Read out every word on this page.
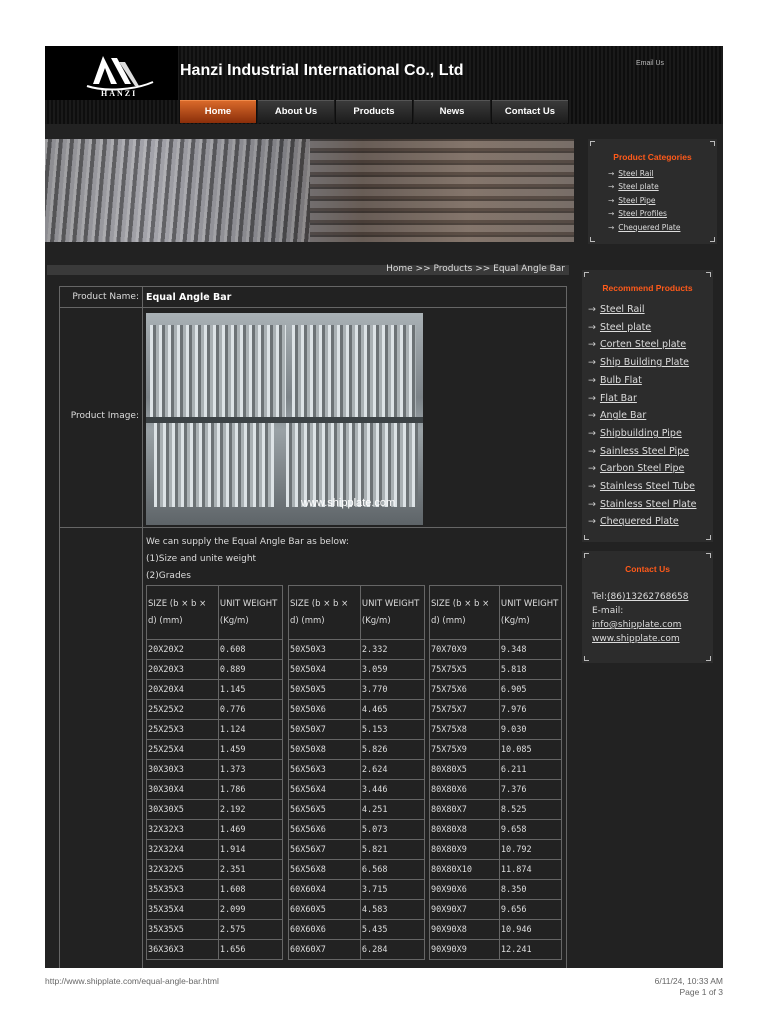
HANZI
Hanzi Industrial International Co., Ltd	Email Us
Home	About Us	Products	News	Contact Us
Product Categories
→ Steel Rail
→ Steel plate
→ Steel Pipe
→ Steel Profiles
→ Chequered Plate
Recommend Products
→ Steel Rail
→ Steel plate
→ Corten Steel plate
→ Ship Building Plate
→ Bulb Flat
→ Flat Bar
→ Angle Bar
→ Shipbuilding Pipe
→ Sainless Steel Pipe
→ Carbon Steel Pipe
→ Stainless Steel Tube
→ Stainless Steel Plate
→ Chequered Plate
Contact Us
Tel:(86)13262768658
E-mail:
info@shipplate.com
www.shipplate.com
Home >> Products >> Equal Angle Bar
Product Name: Equal Angle Bar
Product Image:
www.shipplate.com
We can supply the Equal Angle Bar as below:
(1)Size and unite weight
(2)Grades
SIZE (b × b × d) (mm)	UNIT WEIGHT (Kg/m)
20X20X2	0.608
20X20X3	0.889
20X20X4	1.145
25X25X2	0.776
25X25X3	1.124
25X25X4	1.459
30X30X3	1.373
30X30X4	1.786
30X30X5	2.192
32X32X3	1.469
32X32X4	1.914
32X32X5	2.351
35X35X3	1.608
35X35X4	2.099
35X35X5	2.575
36X36X3	1.656
SIZE (b × b × d) (mm)	UNIT WEIGHT (Kg/m)
50X50X3	2.332
50X50X4	3.059
50X50X5	3.770
50X50X6	4.465
50X50X7	5.153
50X50X8	5.826
56X56X3	2.624
56X56X4	3.446
56X56X5	4.251
56X56X6	5.073
56X56X7	5.821
56X56X8	6.568
60X60X4	3.715
60X60X5	4.583
60X60X6	5.435
60X60X7	6.284
SIZE (b × b × d) (mm)	UNIT WEIGHT (Kg/m)
70X70X9	9.348
75X75X5	5.818
75X75X6	6.905
75X75X7	7.976
75X75X8	9.030
75X75X9	10.085
80X80X5	6.211
80X80X6	7.376
80X80X7	8.525
80X80X8	9.658
80X80X9	10.792
80X80X10	11.874
90X90X6	8.350
90X90X7	9.656
90X90X8	10.946
90X90X9	12.241
http://www.shipplate.com/equal-angle-bar.html	6/11/24, 10:33 AM
Page 1 of 3
